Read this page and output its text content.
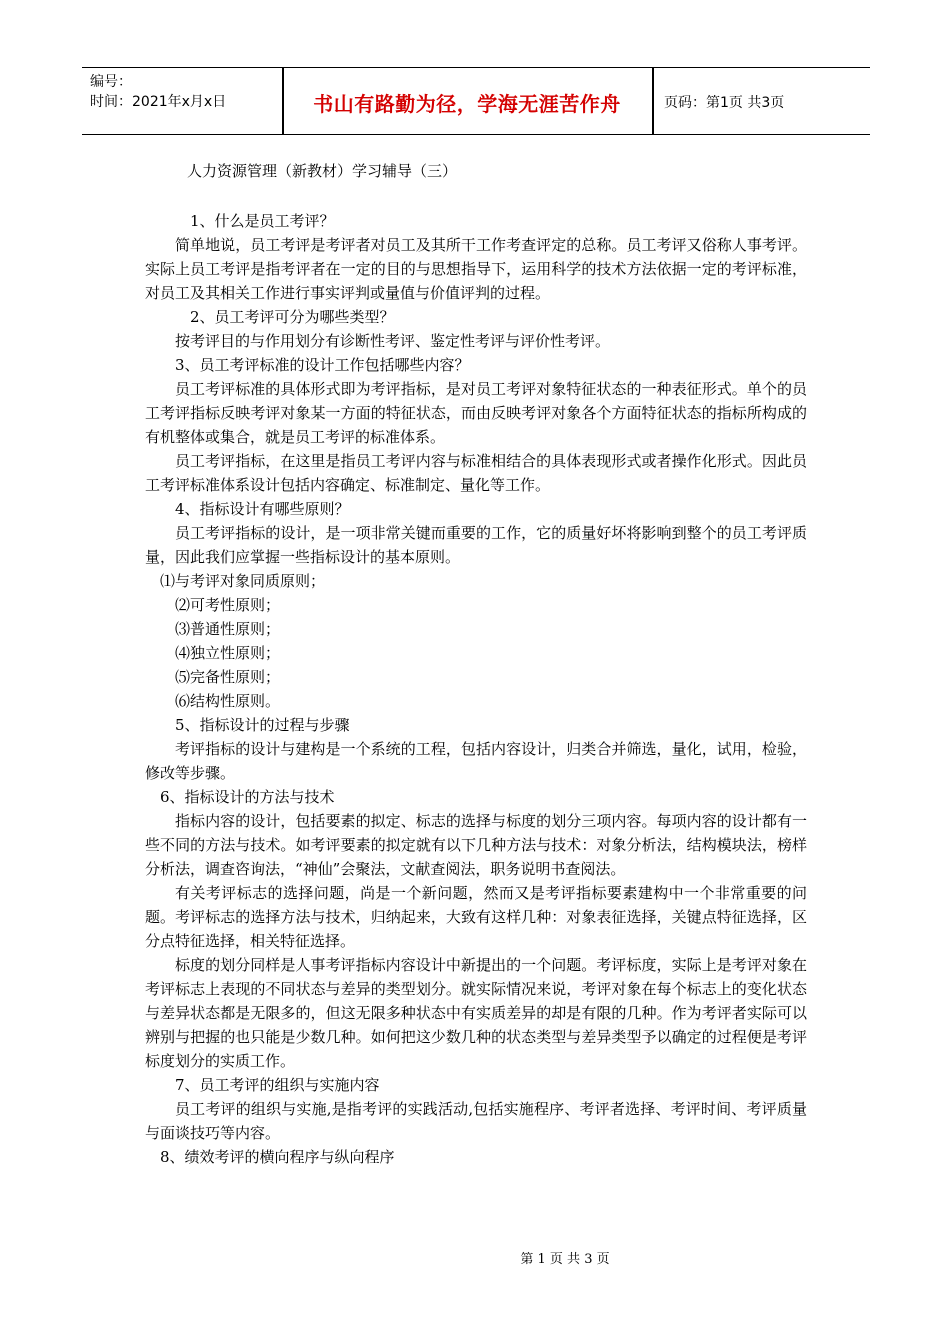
编号：
时间：2021年x月x日	书山有路勤为径，学海无涯苦作舟	页码：第1页 共3页
人力资源管理（新教材）学习辅导（三）

1、什么是员工考评？

简单地说，员工考评是考评者对员工及其所干工作考查评定的总称。员工考评又俗称人事考评。实际上员工考评是指考评者在一定的目的与思想指导下，运用科学的技术方法依据一定的考评标准，对员工及其相关工作进行事实评判或量值与价值评判的过程。

2、员工考评可分为哪些类型？

按考评目的与作用划分有诊断性考评、鉴定性考评与评价性考评。

3、员工考评标准的设计工作包括哪些内容？

员工考评标准的具体形式即为考评指标，是对员工考评对象特征状态的一种表征形式。单个的员工考评指标反映考评对象某一方面的特征状态，而由反映考评对象各个方面特征状态的指标所构成的有机整体或集合，就是员工考评的标准体系。

员工考评指标，在这里是指员工考评内容与标准相结合的具体表现形式或者操作化形式。因此员工考评标准体系设计包括内容确定、标准制定、量化等工作。

4、指标设计有哪些原则？

员工考评指标的设计，是一项非常关键而重要的工作，它的质量好坏将影响到整个的员工考评质量，因此我们应掌握一些指标设计的基本原则。

⑴与考评对象同质原则；

⑵可考性原则；

⑶普通性原则；

⑷独立性原则；

⑸完备性原则；

⑹结构性原则。

5、指标设计的过程与步骤

考评指标的设计与建构是一个系统的工程，包括内容设计，归类合并筛选，量化，试用，检验，修改等步骤。

6、指标设计的方法与技术

指标内容的设计，包括要素的拟定、标志的选择与标度的划分三项内容。每项内容的设计都有一些不同的方法与技术。如考评要素的拟定就有以下几种方法与技术：对象分析法，结构模块法，榜样分析法，调查咨询法，“神仙”会聚法，文献查阅法，职务说明书查阅法。

有关考评标志的选择问题，尚是一个新问题，然而又是考评指标要素建构中一个非常重要的问题。考评标志的选择方法与技术，归纳起来，大致有这样几种：对象表征选择，关键点特征选择，区分点特征选择，相关特征选择。

标度的划分同样是人事考评指标内容设计中新提出的一个问题。考评标度，实际上是考评对象在考评标志上表现的不同状态与差异的类型划分。就实际情况来说，考评对象在每个标志上的变化状态与差异状态都是无限多的，但这无限多种状态中有实质差异的却是有限的几种。作为考评者实际可以辨别与把握的也只能是少数几种。如何把这少数几种的状态类型与差异类型予以确定的过程便是考评标度划分的实质工作。

7、员工考评的组织与实施内容

员工考评的组织与实施,是指考评的实践活动,包括实施程序、考评者选择、考评时间、考评质量与面谈技巧等内容。

8、绩效考评的横向程序与纵向程序

第 1 页 共 3 页
